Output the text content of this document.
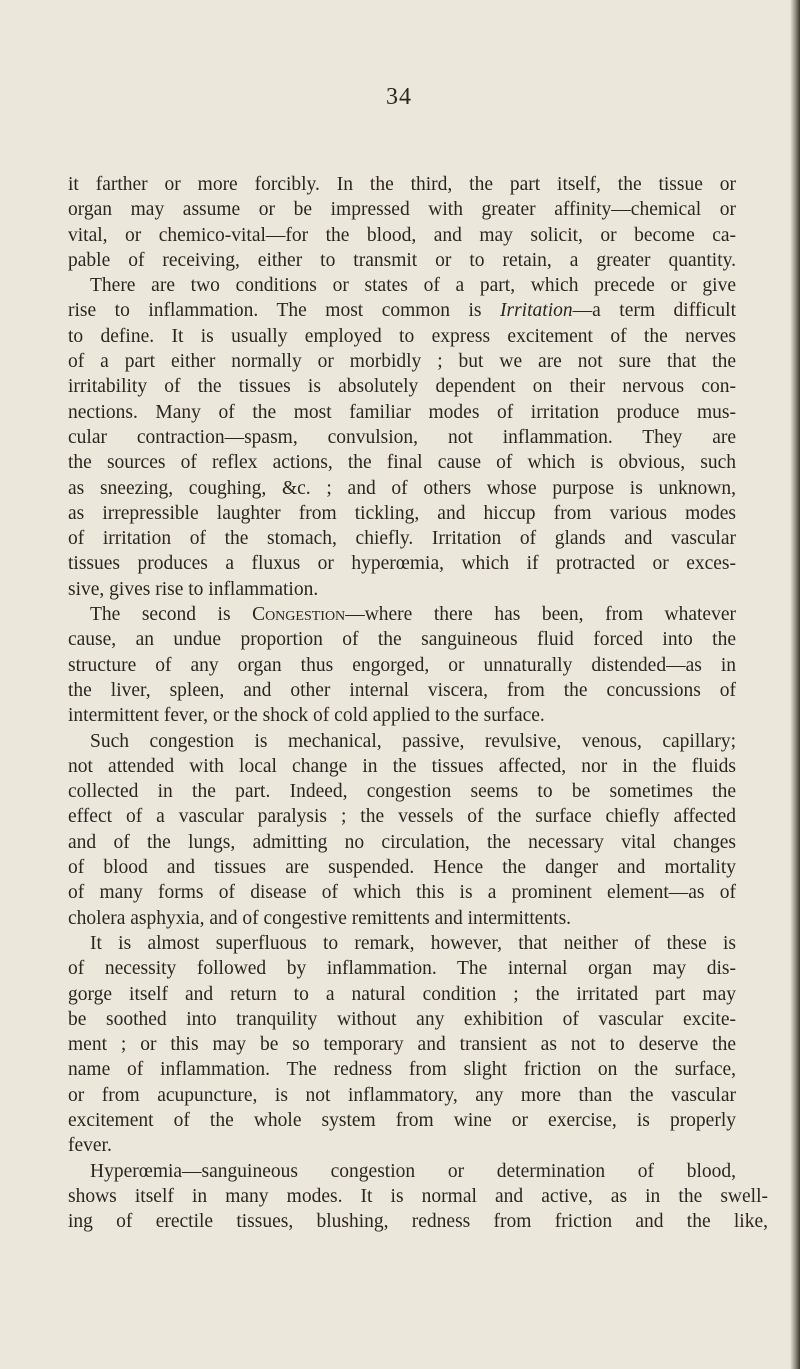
34
it farther or more forcibly. In the third, the part itself, the tissue or
organ may assume or be impressed with greater affinity—chemical or
vital, or chemico-vital—for the blood, and may solicit, or become ca-
pable of receiving, either to transmit or to retain, a greater quantity.
There are two conditions or states of a part, which precede or give
rise to inflammation. The most common is Irritation—a term difficult
to define. It is usually employed to express excitement of the nerves
of a part either normally or morbidly ; but we are not sure that the
irritability of the tissues is absolutely dependent on their nervous con-
nections. Many of the most familiar modes of irritation produce mus-
cular contraction—spasm, convulsion, not inflammation. They are
the sources of reflex actions, the final cause of which is obvious, such
as sneezing, coughing, &c. ; and of others whose purpose is unknown,
as irrepressible laughter from tickling, and hiccup from various modes
of irritation of the stomach, chiefly. Irritation of glands and vascular
tissues produces a fluxus or hyperœmia, which if protracted or exces-
sive, gives rise to inflammation.
The second is Congestion—where there has been, from whatever
cause, an undue proportion of the sanguineous fluid forced into the
structure of any organ thus engorged, or unnaturally distended—as in
the liver, spleen, and other internal viscera, from the concussions of
intermittent fever, or the shock of cold applied to the surface.
Such congestion is mechanical, passive, revulsive, venous, capillary;
not attended with local change in the tissues affected, nor in the fluids
collected in the part. Indeed, congestion seems to be sometimes the
effect of a vascular paralysis ; the vessels of the surface chiefly affected
and of the lungs, admitting no circulation, the necessary vital changes
of blood and tissues are suspended. Hence the danger and mortality
of many forms of disease of which this is a prominent element—as of
cholera asphyxia, and of congestive remittents and intermittents.
It is almost superfluous to remark, however, that neither of these is
of necessity followed by inflammation. The internal organ may dis-
gorge itself and return to a natural condition ; the irritated part may
be soothed into tranquility without any exhibition of vascular excite-
ment ; or this may be so temporary and transient as not to deserve the
name of inflammation. The redness from slight friction on the surface,
or from acupuncture, is not inflammatory, any more than the vascular
excitement of the whole system from wine or exercise, is properly
fever.
Hyperœmia—sanguineous congestion or determination of blood,
shows itself in many modes. It is normal and active, as in the swell-
ing of erectile tissues, blushing, redness from friction and the like,
